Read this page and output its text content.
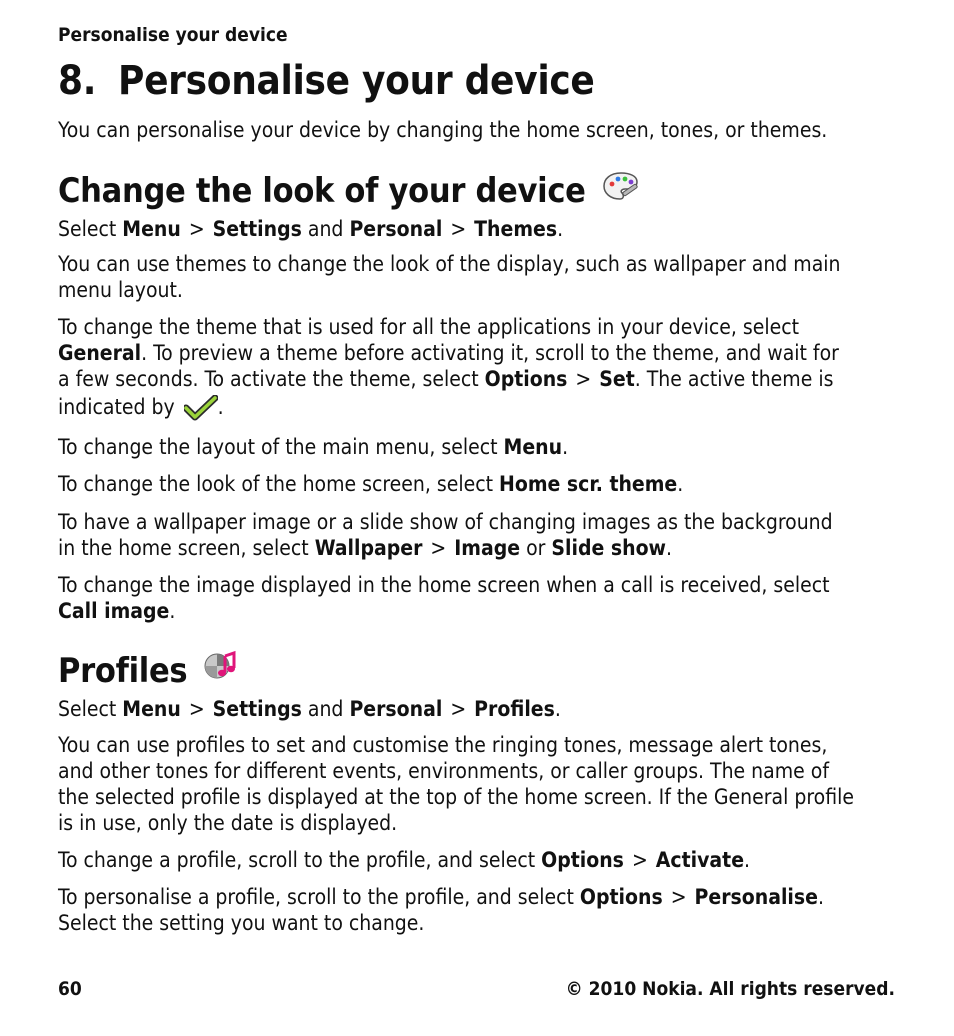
Personalise your device
8. Personalise your device
You can personalise your device by changing the home screen, tones, or themes.
Change the look of your device
Select Menu > Settings and Personal > Themes.
You can use themes to change the look of the display, such as wallpaper and main
menu layout.
To change the theme that is used for all the applications in your device, select
General. To preview a theme before activating it, scroll to the theme, and wait for
a few seconds. To activate the theme, select Options > Set. The active theme is
indicated by .
To change the layout of the main menu, select Menu.
To change the look of the home screen, select Home scr. theme.
To have a wallpaper image or a slide show of changing images as the background
in the home screen, select Wallpaper > Image or Slide show.
To change the image displayed in the home screen when a call is received, select
Call image.
Profiles
Select Menu > Settings and Personal > Profiles.
You can use profiles to set and customise the ringing tones, message alert tones,
and other tones for different events, environments, or caller groups. The name of
the selected profile is displayed at the top of the home screen. If the General profile
is in use, only the date is displayed.
To change a profile, scroll to the profile, and select Options > Activate.
To personalise a profile, scroll to the profile, and select Options > Personalise.
Select the setting you want to change.
60	© 2010 Nokia. All rights reserved.
